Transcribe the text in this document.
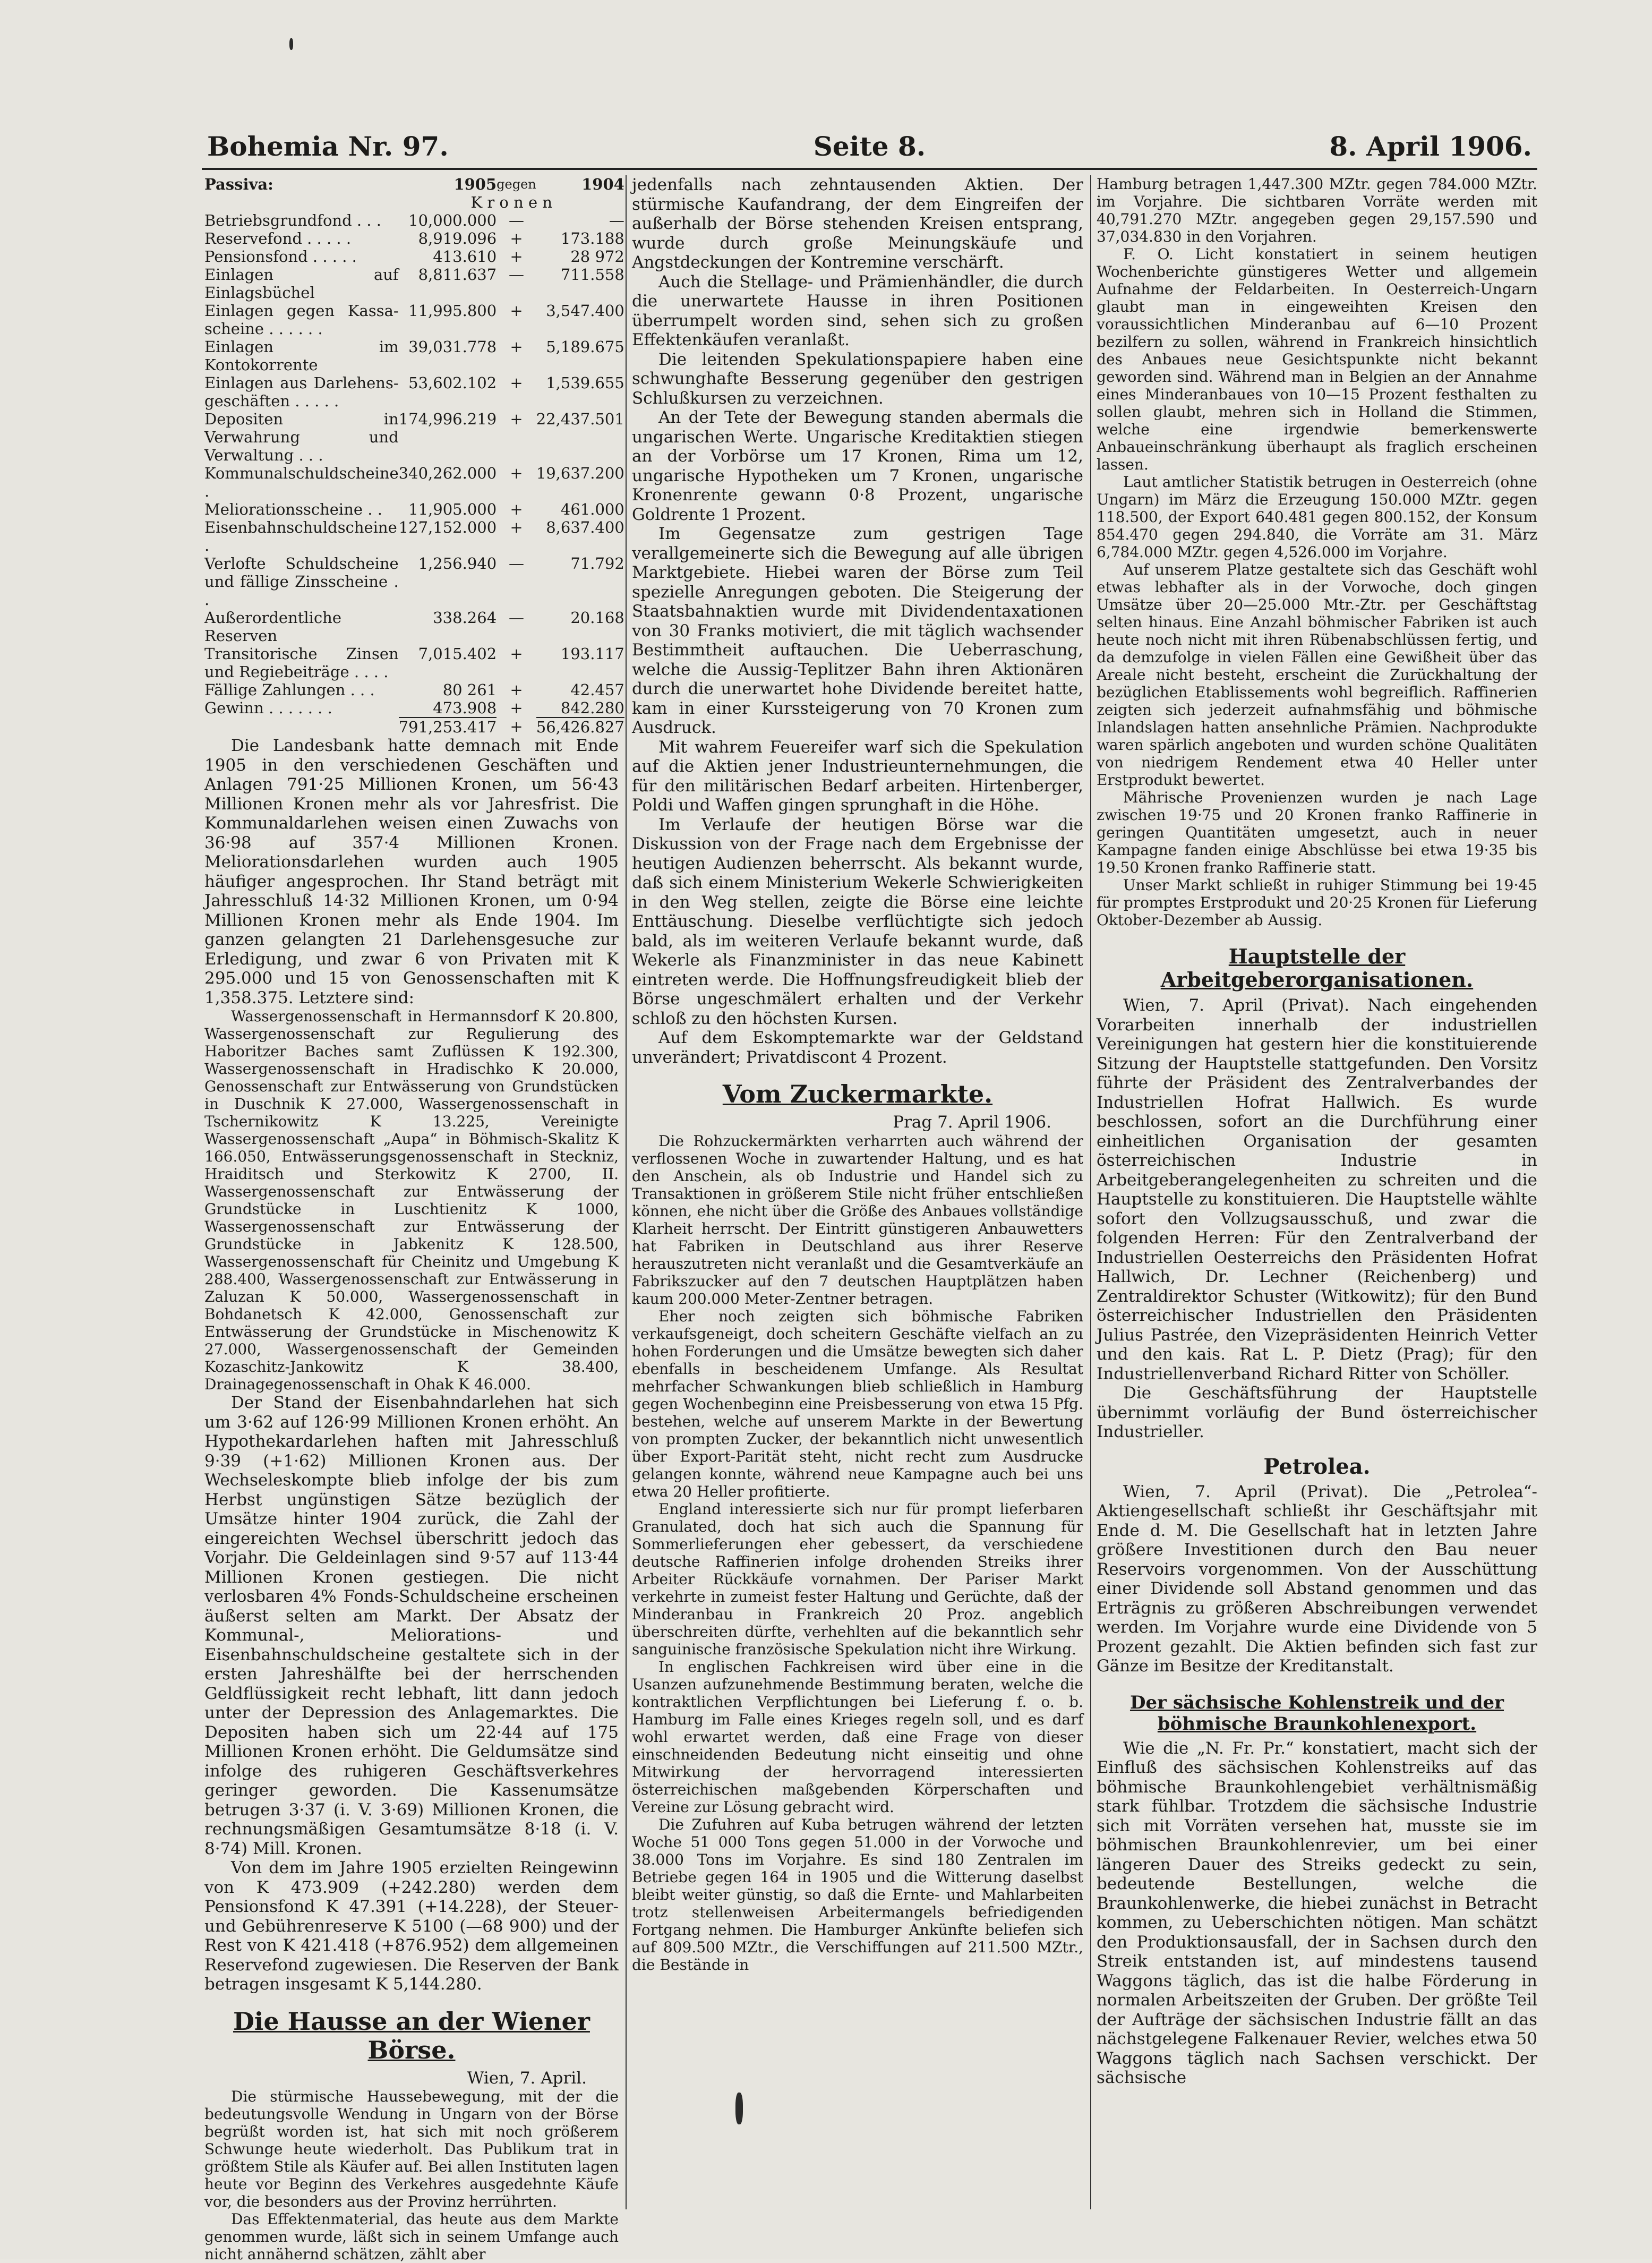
Bohemia Nr. 97.	Seite 8.	8. April 1906.
Passiva:	1905	gegen	1904
	K r o n e n		
Betriebsgrundfond . . .	10,000.000	—	—
Reservefond . . . . .	8,919.096	+	173.188
Pensionsfond . . . . .	413.610	+	28 972
Einlagen auf Einlagsbüchel	8,811.637	—	711.558
Einlagen gegen Kassa-scheine . . . . . .	11,995.800	+	3,547.400
Einlagen im Kontokorrente	39,031.778	+	5,189.675
Einlagen aus Darlehens-geschäften . . . . .	53,602.102	+	1,539.655
Depositen in Verwahrung und Verwaltung . . .	174,996.219	+	22,437.501
Kommunalschuldscheine .	340,262.000	+	19,637.200
Meliorationsscheine . .	11,905.000	+	461.000
Eisenbahnschuldscheine .	127,152.000	+	8,637.400
Verlofte Schuldscheine und fällige Zinsscheine . .	1,256.940	—	71.792
Außerordentliche Reserven	338.264	—	20.168
Transitorische Zinsen und Regiebeiträge . . . .	7,015.402	+	193.117
Fällige Zahlungen . . .	80 261	+	42.457
Gewinn . . . . . . .	473.908	+	842.280
	791,253.417	+	56,426.827

Die Landesbank hatte demnach mit Ende 1905 in den verschiedenen Geschäften und Anlagen 791·25 Millionen Kronen, um 56·43 Millionen Kronen mehr als vor Jahresfrist. Die Kommunaldarlehen weisen einen Zuwachs von 36·98 auf 357·4 Millionen Kronen. Meliorationsdarlehen wurden auch 1905 häufiger angesprochen. Ihr Stand beträgt mit Jahresschluß 14·32 Millionen Kronen, um 0·94 Millionen Kronen mehr als Ende 1904. Im ganzen gelangten 21 Darlehensgesuche zur Erledigung, und zwar 6 von Privaten mit K 295.000 und 15 von Genossenschaften mit K 1,358.375. Letztere sind:

Wassergenossenschaft in Hermannsdorf K 20.800, Wassergenossenschaft zur Regulierung des Haboritzer Baches samt Zuflüssen K 192.300, Wassergenossenschaft in Hradischko K 20.000, Genossenschaft zur Entwässerung von Grundstücken in Duschnik K 27.000, Wassergenossenschaft in Tschernikowitz K 13.225, Vereinigte Wassergenossenschaft „Aupa“ in Böhmisch-Skalitz K 166.050, Entwässerungsgenossenschaft in Steckniz, Hraiditsch und Sterkowitz K 2700, II. Wassergenossenschaft zur Entwässerung der Grundstücke in Luschtienitz K 1000, Wassergenossenschaft zur Entwässerung der Grundstücke in Jabkenitz K 128.500, Wassergenossenschaft für Cheinitz und Umgebung K 288.400, Wassergenossenschaft zur Entwässerung in Zaluzan K 50.000, Wassergenossenschaft in Bohdanetsch K 42.000, Genossenschaft zur Entwässerung der Grundstücke in Mischenowitz K 27.000, Wassergenossenschaft der Gemeinden Kozaschitz-Jankowitz K 38.400, Drainagegenossenschaft in Ohak K 46.000.

Der Stand der Eisenbahndarlehen hat sich um 3·62 auf 126·99 Millionen Kronen erhöht. An Hypothekardarlehen haften mit Jahresschluß 9·39 (+1·62) Millionen Kronen aus. Der Wechseleskompte blieb infolge der bis zum Herbst ungünstigen Sätze bezüglich der Umsätze hinter 1904 zurück, die Zahl der eingereichten Wechsel überschritt jedoch das Vorjahr. Die Geldeinlagen sind 9·57 auf 113·44 Millionen Kronen gestiegen. Die nicht verlosbaren 4% Fonds-Schuldscheine erscheinen äußerst selten am Markt. Der Absatz der Kommunal-, Meliorations- und Eisenbahnschuldscheine gestaltete sich in der ersten Jahreshälfte bei der herrschenden Geldflüssigkeit recht lebhaft, litt dann jedoch unter der Depression des Anlagemarktes. Die Depositen haben sich um 22·44 auf 175 Millionen Kronen erhöht. Die Geldumsätze sind infolge des ruhigeren Geschäftsverkehres geringer geworden. Die Kassenumsätze betrugen 3·37 (i. V. 3·69) Millionen Kronen, die rechnungsmäßigen Gesamtumsätze 8·18 (i. V. 8·74) Mill. Kronen.

Von dem im Jahre 1905 erzielten Reingewinn von K 473.909 (+242.280) werden dem Pensionsfond K 47.391 (+14.228), der Steuer- und Gebührenreserve K 5100 (—68 900) und der Rest von K 421.418 (+876.952) dem allgemeinen Reservefond zugewiesen. Die Reserven der Bank betragen insgesamt K 5,144.280.

Die Hausse an der Wiener Börse.

Wien, 7. April.

Die stürmische Haussebewegung, mit der die bedeutungsvolle Wendung in Ungarn von der Börse begrüßt worden ist, hat sich mit noch größerem Schwunge heute wiederholt. Das Publikum trat in größtem Stile als Käufer auf. Bei allen Instituten lagen heute vor Beginn des Verkehres ausgedehnte Käufe vor, die besonders aus der Provinz herrührten.

Das Effektenmaterial, das heute aus dem Markte genommen wurde, läßt sich in seinem Umfange auch nicht annähernd schätzen, zählt aber

jedenfalls nach zehntausenden Aktien. Der stürmische Kaufandrang, der dem Eingreifen der außerhalb der Börse stehenden Kreisen entsprang, wurde durch große Meinungskäufe und Angstdeckungen der Kontremine verschärft.

Auch die Stellage- und Prämienhändler, die durch die unerwartete Hausse in ihren Positionen überrumpelt worden sind, sehen sich zu großen Effektenkäufen veranlaßt.

Die leitenden Spekulationspapiere haben eine schwunghafte Besserung gegenüber den gestrigen Schlußkursen zu verzeichnen.

An der Tete der Bewegung standen abermals die ungarischen Werte. Ungarische Kreditaktien stiegen an der Vorbörse um 17 Kronen, Rima um 12, ungarische Hypotheken um 7 Kronen, ungarische Kronenrente gewann 0·8 Prozent, ungarische Goldrente 1 Prozent.

Im Gegensatze zum gestrigen Tage verallgemeinerte sich die Bewegung auf alle übrigen Marktgebiete. Hiebei waren der Börse zum Teil spezielle Anregungen geboten. Die Steigerung der Staatsbahnaktien wurde mit Dividendentaxationen von 30 Franks motiviert, die mit täglich wachsender Bestimmtheit auftauchen. Die Ueberraschung, welche die Aussig-Teplitzer Bahn ihren Aktionären durch die unerwartet hohe Dividende bereitet hatte, kam in einer Kurssteigerung von 70 Kronen zum Ausdruck.

Mit wahrem Feuereifer warf sich die Spekulation auf die Aktien jener Industrieunternehmungen, die für den militärischen Bedarf arbeiten. Hirtenberger, Poldi und Waffen gingen sprunghaft in die Höhe.

Im Verlaufe der heutigen Börse war die Diskussion von der Frage nach dem Ergebnisse der heutigen Audienzen beherrscht. Als bekannt wurde, daß sich einem Ministerium Wekerle Schwierigkeiten in den Weg stellen, zeigte die Börse eine leichte Enttäuschung. Dieselbe verflüchtigte sich jedoch bald, als im weiteren Verlaufe bekannt wurde, daß Wekerle als Finanzminister in das neue Kabinett eintreten werde. Die Hoffnungsfreudigkeit blieb der Börse ungeschmälert erhalten und der Verkehr schloß zu den höchsten Kursen.

Auf dem Eskomptemarkte war der Geldstand unverändert; Privatdiscont 4 Prozent.

Vom Zuckermarkte.

Prag 7. April 1906.

Die Rohzuckermärkten verharrten auch während der verflossenen Woche in zuwartender Haltung, und es hat den Anschein, als ob Industrie und Handel sich zu Transaktionen in größerem Stile nicht früher entschließen können, ehe nicht über die Größe des Anbaues vollständige Klarheit herrscht. Der Eintritt günstigeren Anbauwetters hat Fabriken in Deutschland aus ihrer Reserve herauszutreten nicht veranlaßt und die Gesamtverkäufe an Fabrikszucker auf den 7 deutschen Hauptplätzen haben kaum 200.000 Meter-Zentner betragen.

Eher noch zeigten sich böhmische Fabriken verkaufsgeneigt, doch scheitern Geschäfte vielfach an zu hohen Forderungen und die Umsätze bewegten sich daher ebenfalls in bescheidenem Umfange. Als Resultat mehrfacher Schwankungen blieb schließlich in Hamburg gegen Wochenbeginn eine Preisbesserung von etwa 15 Pfg. bestehen, welche auf unserem Markte in der Bewertung von prompten Zucker, der bekanntlich nicht unwesentlich über Export-Parität steht, nicht recht zum Ausdrucke gelangen konnte, während neue Kampagne auch bei uns etwa 20 Heller profitierte.

England interessierte sich nur für prompt lieferbaren Granulated, doch hat sich auch die Spannung für Sommerlieferungen eher gebessert, da verschiedene deutsche Raffinerien infolge drohenden Streiks ihrer Arbeiter Rückkäufe vornahmen. Der Pariser Markt verkehrte in zumeist fester Haltung und Gerüchte, daß der Minderanbau in Frankreich 20 Proz. angeblich überschreiten dürfte, verhehlten auf die bekanntlich sehr sanguinische französische Spekulation nicht ihre Wirkung.

In englischen Fachkreisen wird über eine in die Usanzen aufzunehmende Bestimmung beraten, welche die kontraktlichen Verpflichtungen bei Lieferung f. o. b. Hamburg im Falle eines Krieges regeln soll, und es darf wohl erwartet werden, daß eine Frage von dieser einschneidenden Bedeutung nicht einseitig und ohne Mitwirkung der hervorragend interessierten österreichischen maßgebenden Körperschaften und Vereine zur Lösung gebracht wird.

Die Zufuhren auf Kuba betrugen während der letzten Woche 51 000 Tons gegen 51.000 in der Vorwoche und 38.000 Tons im Vorjahre. Es sind 180 Zentralen im Betriebe gegen 164 in 1905 und die Witterung daselbst bleibt weiter günstig, so daß die Ernte- und Mahlarbeiten trotz stellenweisen Arbeitermangels befriedigenden Fortgang nehmen. Die Hamburger Ankünfte beliefen sich auf 809.500 MZtr., die Verschiffungen auf 211.500 MZtr., die Bestände in

Hamburg betragen 1,447.300 MZtr. gegen 784.000 MZtr. im Vorjahre. Die sichtbaren Vorräte werden mit 40,791.270 MZtr. angegeben gegen 29,157.590 und 37,034.830 in den Vorjahren.

F. O. Licht konstatiert in seinem heutigen Wochenberichte günstigeres Wetter und allgemein Aufnahme der Feldarbeiten. In Oesterreich-Ungarn glaubt man in eingeweihten Kreisen den voraussichtlichen Minderanbau auf 6—10 Prozent bezilfern zu sollen, während in Frankreich hinsichtlich des Anbaues neue Gesichtspunkte nicht bekannt geworden sind. Während man in Belgien an der Annahme eines Minderanbaues von 10—15 Prozent festhalten zu sollen glaubt, mehren sich in Holland die Stimmen, welche eine irgendwie bemerkenswerte Anbaueinschränkung überhaupt als fraglich erscheinen lassen.

Laut amtlicher Statistik betrugen in Oesterreich (ohne Ungarn) im März die Erzeugung 150.000 MZtr. gegen 118.500, der Export 640.481 gegen 800.152, der Konsum 854.470 gegen 294.840, die Vorräte am 31. März 6,784.000 MZtr. gegen 4,526.000 im Vorjahre.

Auf unserem Platze gestaltete sich das Geschäft wohl etwas lebhafter als in der Vorwoche, doch gingen Umsätze über 20—25.000 Mtr.-Ztr. per Geschäftstag selten hinaus. Eine Anzahl böhmischer Fabriken ist auch heute noch nicht mit ihren Rübenabschlüssen fertig, und da demzufolge in vielen Fällen eine Gewißheit über das Areale nicht besteht, erscheint die Zurückhaltung der bezüglichen Etablissements wohl begreiflich. Raffinerien zeigten sich jederzeit aufnahmsfähig und böhmische Inlandslagen hatten ansehnliche Prämien. Nachprodukte waren spärlich angeboten und wurden schöne Qualitäten von niedrigem Rendement etwa 40 Heller unter Erstprodukt bewertet.

Mährische Provenienzen wurden je nach Lage zwischen 19·75 und 20 Kronen franko Raffinerie in geringen Quantitäten umgesetzt, auch in neuer Kampagne fanden einige Abschlüsse bei etwa 19·35 bis 19.50 Kronen franko Raffinerie statt.

Unser Markt schließt in ruhiger Stimmung bei 19·45 für promptes Erstprodukt und 20·25 Kronen für Lieferung Oktober-Dezember ab Aussig.

Hauptstelle der Arbeitgeberorganisationen.

Wien, 7. April (Privat). Nach eingehenden Vorarbeiten innerhalb der industriellen Vereinigungen hat gestern hier die konstituierende Sitzung der Hauptstelle stattgefunden. Den Vorsitz führte der Präsident des Zentralverbandes der Industriellen Hofrat Hallwich. Es wurde beschlossen, sofort an die Durchführung einer einheitlichen Organisation der gesamten österreichischen Industrie in Arbeitgeberangelegenheiten zu schreiten und die Hauptstelle zu konstituieren. Die Hauptstelle wählte sofort den Vollzugsausschuß, und zwar die folgenden Herren: Für den Zentralverband der Industriellen Oesterreichs den Präsidenten Hofrat Hallwich, Dr. Lechner (Reichenberg) und Zentraldirektor Schuster (Witkowitz); für den Bund österreichischer Industriellen den Präsidenten Julius Pastrée, den Vizepräsidenten Heinrich Vetter und den kais. Rat L. P. Dietz (Prag); für den Industriellenverband Richard Ritter von Schöller.

Die Geschäftsführung der Hauptstelle übernimmt vorläufig der Bund österreichischer Industrieller.

Petrolea.

Wien, 7. April (Privat). Die „Petrolea“-Aktiengesellschaft schließt ihr Geschäftsjahr mit Ende d. M. Die Gesellschaft hat in letzten Jahre größere Investitionen durch den Bau neuer Reservoirs vorgenommen. Von der Ausschüttung einer Dividende soll Abstand genommen und das Erträgnis zu größeren Abschreibungen verwendet werden. Im Vorjahre wurde eine Dividende von 5 Prozent gezahlt. Die Aktien befinden sich fast zur Gänze im Besitze der Kreditanstalt.

Der sächsische Kohlenstreik und der böhmische Braunkohlenexport.

Wie die „N. Fr. Pr.“ konstatiert, macht sich der Einfluß des sächsischen Kohlenstreiks auf das böhmische Braunkohlengebiet verhältnismäßig stark fühlbar. Trotzdem die sächsische Industrie sich mit Vorräten versehen hat, musste sie im böhmischen Braunkohlenrevier, um bei einer längeren Dauer des Streiks gedeckt zu sein, bedeutende Bestellungen, welche die Braunkohlenwerke, die hiebei zunächst in Betracht kommen, zu Ueberschichten nötigen. Man schätzt den Produktionsausfall, der in Sachsen durch den Streik entstanden ist, auf mindestens tausend Waggons täglich, das ist die halbe Förderung in normalen Arbeitszeiten der Gruben. Der größte Teil der Aufträge der sächsischen Industrie fällt an das nächstgelegene Falkenauer Revier, welches etwa 50 Waggons täglich nach Sachsen verschickt. Der sächsische
